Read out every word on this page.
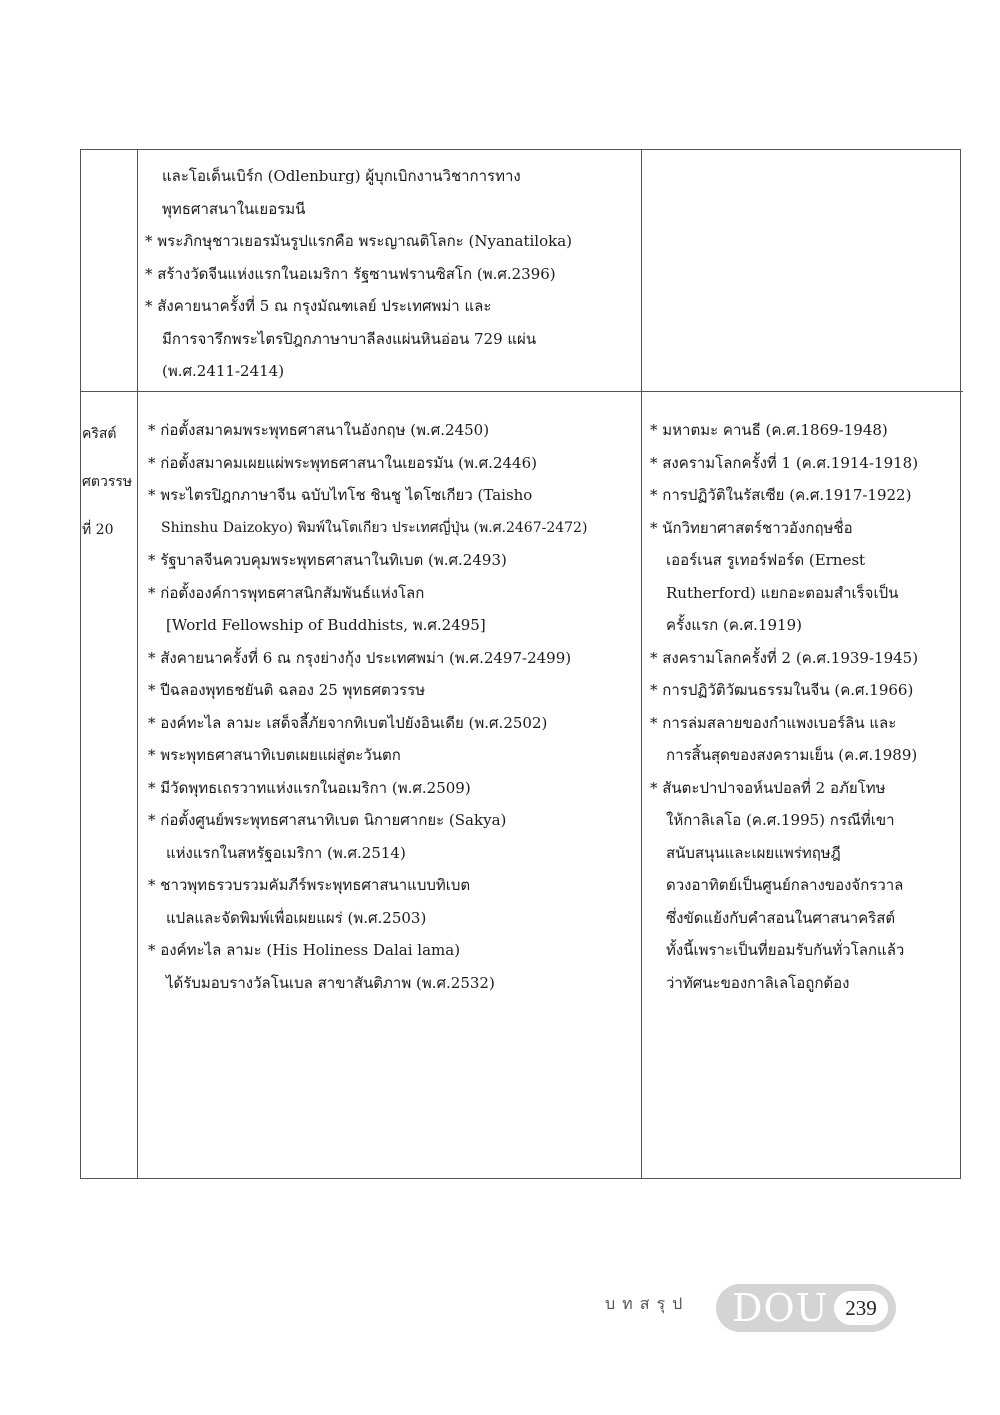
และโอเด็นเบิร์ก (Odlenburg) ผู้บุกเบิกงานวิชาการทาง
พุทธศาสนาในเยอรมนี
* พระภิกษุชาวเยอรมันรูปแรกคือ พระญาณติโลกะ (Nyanatiloka)
* สร้างวัดจีนแห่งแรกในอเมริกา รัฐซานฟรานซิสโก (พ.ศ.2396)
* สังคายนาครั้งที่ 5 ณ กรุงมัณฑเลย์ ประเทศพม่า และ
มีการจารึกพระไตรปิฎกภาษาบาลีลงแผ่นหินอ่อน 729 แผ่น
(พ.ศ.2411-2414)
คริสต์
ศตวรรษ
ที่ 20
* ก่อตั้งสมาคมพระพุทธศาสนาในอังกฤษ (พ.ศ.2450)
* ก่อตั้งสมาคมเผยแผ่พระพุทธศาสนาในเยอรมัน (พ.ศ.2446)
* พระไตรปิฎกภาษาจีน ฉบับไทโช ชินชู ไดโซเกียว (Taisho
Shinshu Daizokyo) พิมพ์ในโตเกียว ประเทศญี่ปุ่น (พ.ศ.2467-2472)
* รัฐบาลจีนควบคุมพระพุทธศาสนาในทิเบต (พ.ศ.2493)
* ก่อตั้งองค์การพุทธศาสนิกสัมพันธ์แห่งโลก
[World Fellowship of Buddhists, พ.ศ.2495]
* สังคายนาครั้งที่ 6 ณ กรุงย่างกุ้ง ประเทศพม่า (พ.ศ.2497-2499)
* ปีฉลองพุทธชยันติ ฉลอง 25 พุทธศตวรรษ
* องค์ทะไล ลามะ เสด็จลี้ภัยจากทิเบตไปยังอินเดีย (พ.ศ.2502)
* พระพุทธศาสนาทิเบตเผยแผ่สู่ตะวันตก
* มีวัดพุทธเถรวาทแห่งแรกในอเมริกา (พ.ศ.2509)
* ก่อตั้งศูนย์พระพุทธศาสนาทิเบต นิกายศากยะ (Sakya)
แห่งแรกในสหรัฐอเมริกา (พ.ศ.2514)
* ชาวพุทธรวบรวมคัมภีร์พระพุทธศาสนาแบบทิเบต
แปลและจัดพิมพ์เพื่อเผยแผร่ (พ.ศ.2503)
* องค์ทะไล ลามะ (His Holiness Dalai lama)
ได้รับมอบรางวัลโนเบล สาขาสันติภาพ (พ.ศ.2532)
* มหาตมะ คานธี (ค.ศ.1869-1948)
* สงครามโลกครั้งที่ 1 (ค.ศ.1914-1918)
* การปฏิวัติในรัสเซีย (ค.ศ.1917-1922)
* นักวิทยาศาสตร์ชาวอังกฤษชื่อ
เออร์เนส รูเทอร์ฟอร์ด (Ernest
Rutherford) แยกอะตอมสำเร็จเป็น
ครั้งแรก (ค.ศ.1919)
* สงครามโลกครั้งที่ 2 (ค.ศ.1939-1945)
* การปฏิวัติวัฒนธรรมในจีน (ค.ศ.1966)
* การล่มสลายของกำแพงเบอร์ลิน และ
การสิ้นสุดของสงครามเย็น (ค.ศ.1989)
* สันตะปาปาจอห์นปอลที่ 2 อภัยโทษ
ให้กาลิเลโอ (ค.ศ.1995) กรณีที่เขา
สนับสนุนและเผยแพร่ทฤษฎี
ดวงอาทิตย์เป็นศูนย์กลางของจักรวาล
ซึ่งขัดแย้งกับคำสอนในศาสนาคริสต์
ทั้งนี้เพราะเป็นที่ยอมรับกันทั่วโลกแล้ว
ว่าทัศนะของกาลิเลโอถูกต้อง
บทสรุป DOU 239
